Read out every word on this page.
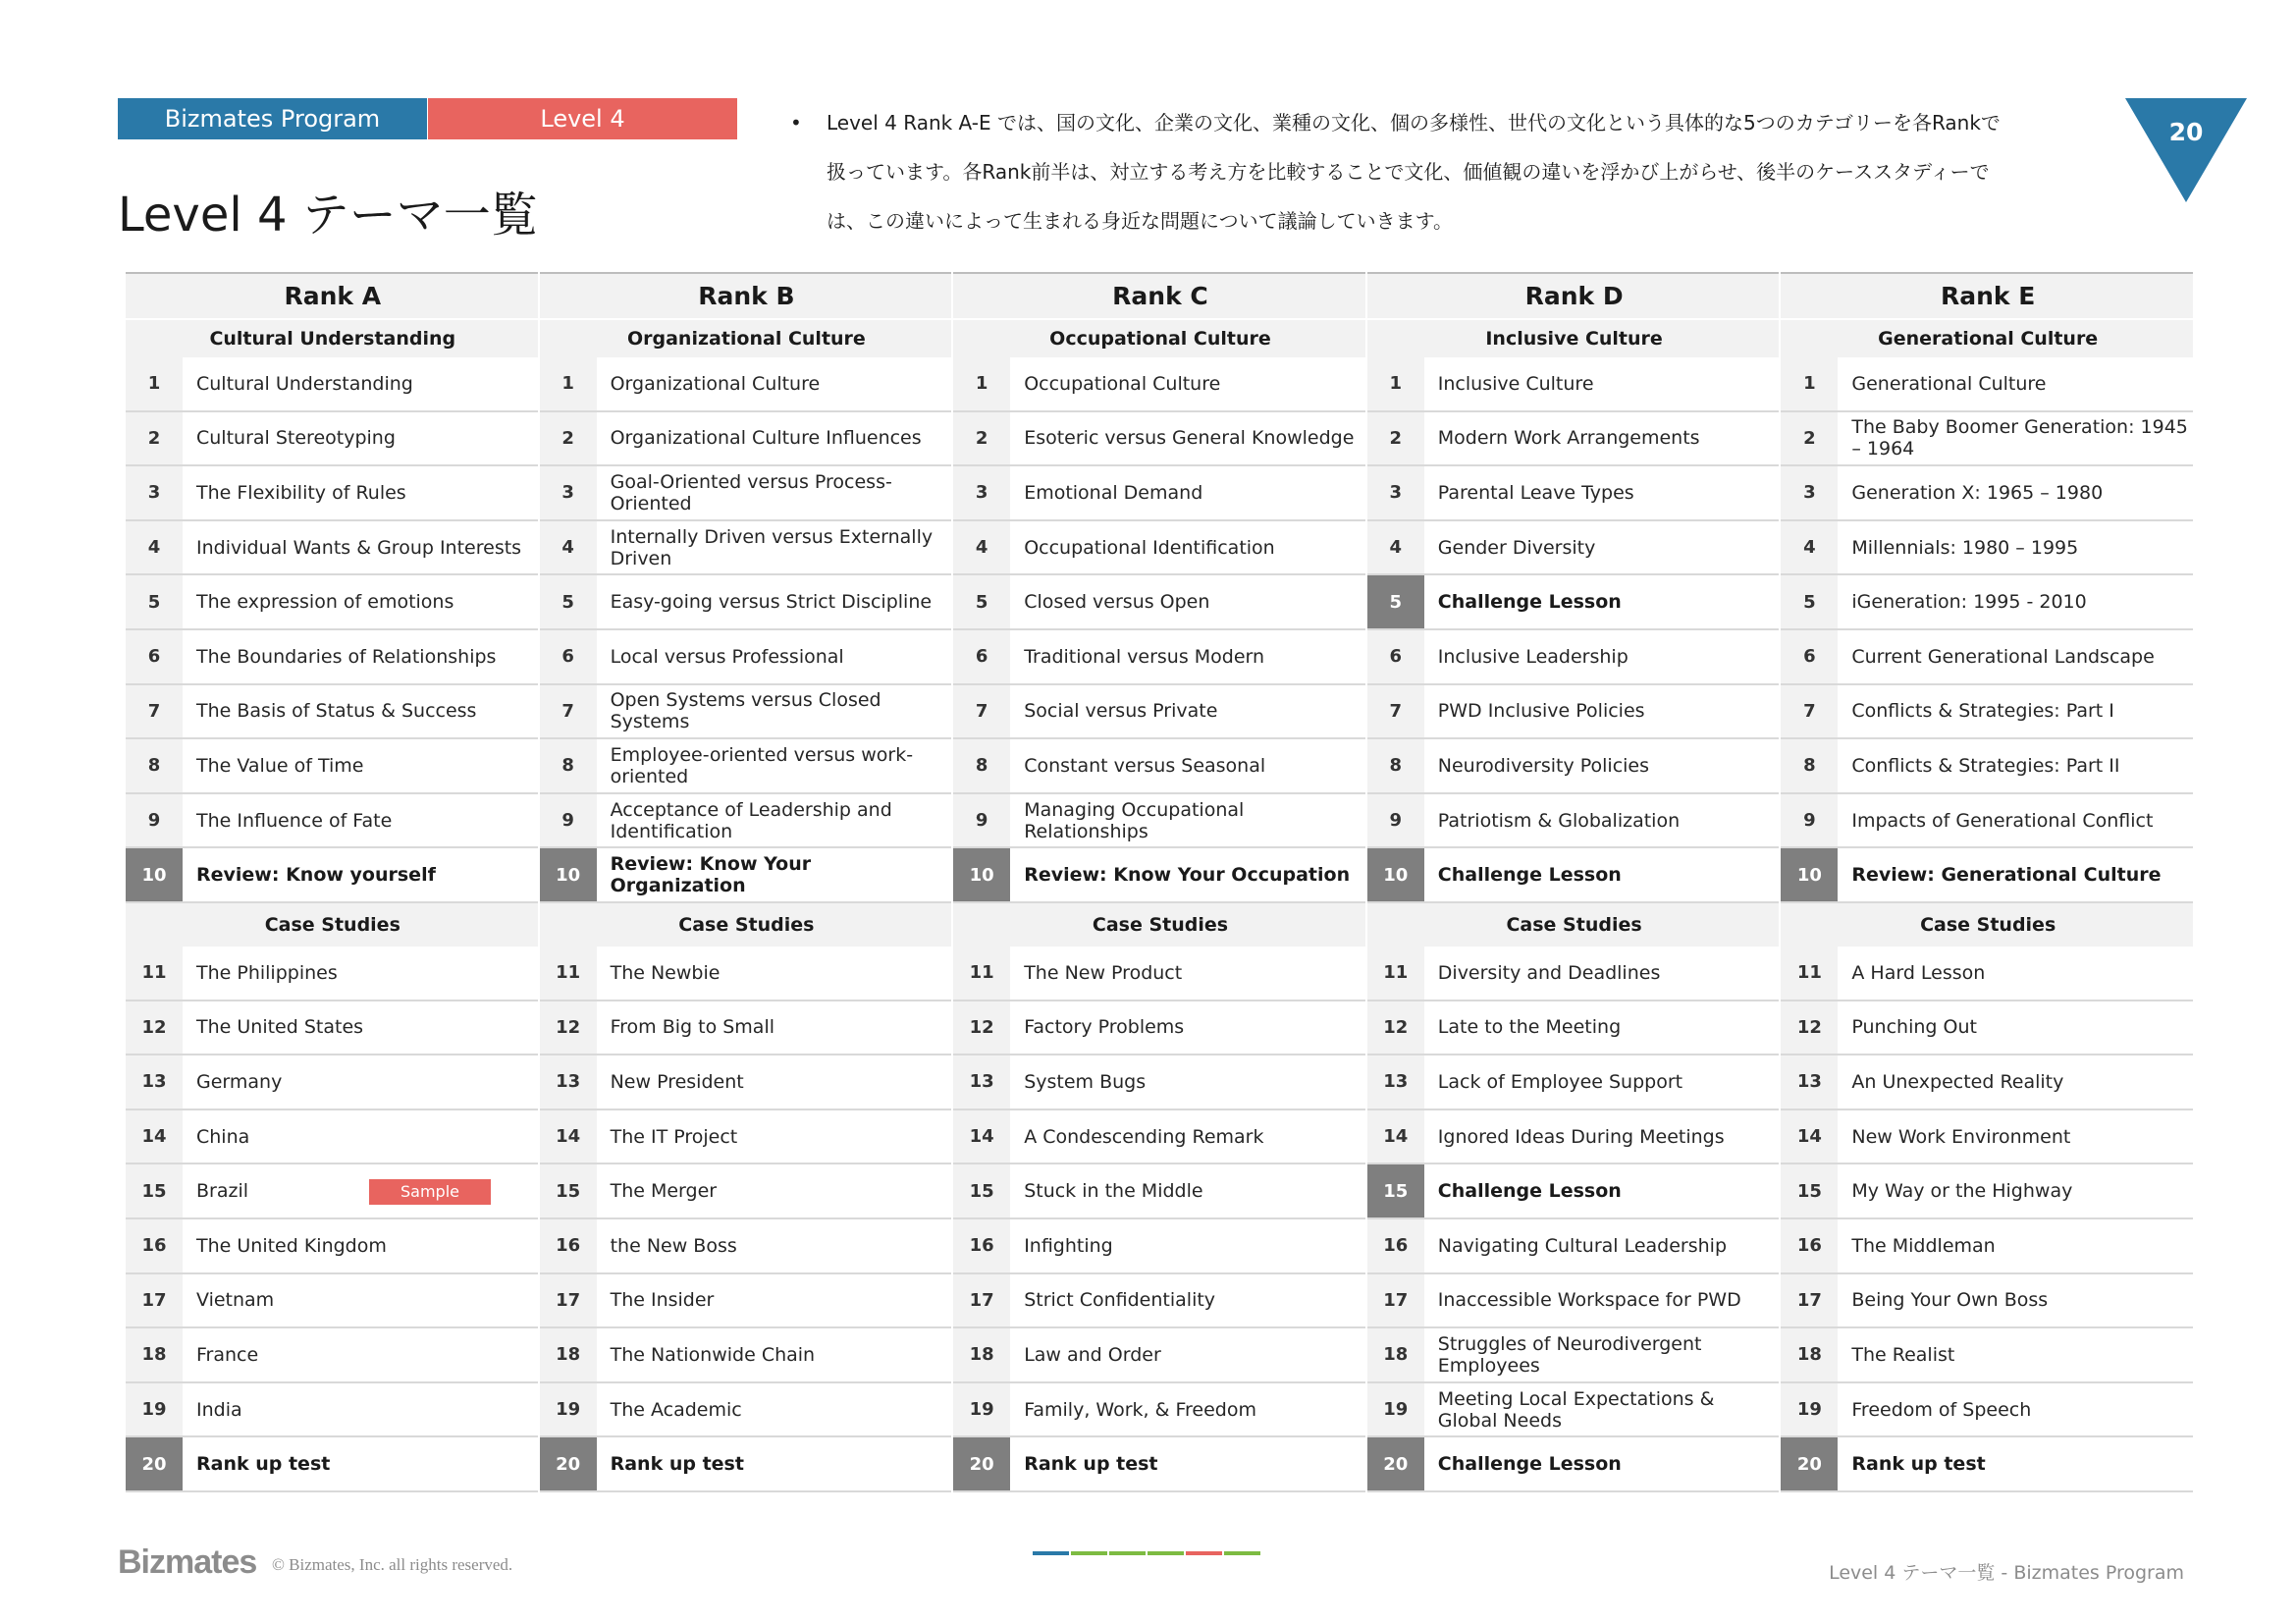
Bizmates Program	Level 4
Level 4 テーマ一覧
• Level 4 Rank A-E では、国の文化、企業の文化、業種の文化、個の多様性、世代の文化という具体的な5つのカテゴリーを各Rankで

扱っています。各Rank前半は、対立する考え方を比較することで文化、価値観の違いを浮かび上がらせ、後半のケーススタディーで

は、この違いによって生まれる身近な問題について議論していきます。

20
Rank A
Cultural Understanding
1	Cultural Understanding
2	Cultural Stereotyping
3	The Flexibility of Rules
4	Individual Wants & Group Interests
5	The expression of emotions
6	The Boundaries of Relationships
7	The Basis of Status & Success
8	The Value of Time
9	The Influence of Fate
10	Review: Know yourself
Case Studies
11	The Philippines
12	The United States
13	Germany
14	China
15	Brazil	Sample
16	The United Kingdom
17	Vietnam
18	France
19	India
20	Rank up test
Rank B
Organizational Culture
1	Organizational Culture
2	Organizational Culture Influences
3	Goal-Oriented versus Process-Oriented
4	Internally Driven versus Externally Driven
5	Easy-going versus Strict Discipline
6	Local versus Professional
7	Open Systems versus Closed Systems
8	Employee-oriented versus work-oriented
9	Acceptance of Leadership and Identification
10	Review: Know Your Organization
Case Studies
11	The Newbie
12	From Big to Small
13	New President
14	The IT Project
15	The Merger
16	the New Boss
17	The Insider
18	The Nationwide Chain
19	The Academic
20	Rank up test
Rank C
Occupational Culture
1	Occupational Culture
2	Esoteric versus General Knowledge
3	Emotional Demand
4	Occupational Identification
5	Closed versus Open
6	Traditional versus Modern
7	Social versus Private
8	Constant versus Seasonal
9	Managing Occupational Relationships
10	Review: Know Your Occupation
Case Studies
11	The New Product
12	Factory Problems
13	System Bugs
14	A Condescending Remark
15	Stuck in the Middle
16	Infighting
17	Strict Confidentiality
18	Law and Order
19	Family, Work, & Freedom
20	Rank up test
Rank D
Inclusive Culture
1	Inclusive Culture
2	Modern Work Arrangements
3	Parental Leave Types
4	Gender Diversity
5	Challenge Lesson
6	Inclusive Leadership
7	PWD Inclusive Policies
8	Neurodiversity Policies
9	Patriotism & Globalization
10	Challenge Lesson
Case Studies
11	Diversity and Deadlines
12	Late to the Meeting
13	Lack of Employee Support
14	Ignored Ideas During Meetings
15	Challenge Lesson
16	Navigating Cultural Leadership
17	Inaccessible Workspace for PWD
18	Struggles of Neurodivergent Employees
19	Meeting Local Expectations & Global Needs
20	Challenge Lesson
Rank E
Generational Culture
1	Generational Culture
2	The Baby Boomer Generation: 1945 – 1964
3	Generation X: 1965 – 1980
4	Millennials: 1980 – 1995
5	iGeneration: 1995 - 2010
6	Current Generational Landscape
7	Conflicts & Strategies: Part I
8	Conflicts & Strategies: Part II
9	Impacts of Generational Conflict
10	Review: Generational Culture
Case Studies
11	A Hard Lesson
12	Punching Out
13	An Unexpected Reality
14	New Work Environment
15	My Way or the Highway
16	The Middleman
17	Being Your Own Boss
18	The Realist
19	Freedom of Speech
20	Rank up test
Bizmates © Bizmates, Inc. all rights reserved.	Level 4 テーマ一覧 - Bizmates Program
